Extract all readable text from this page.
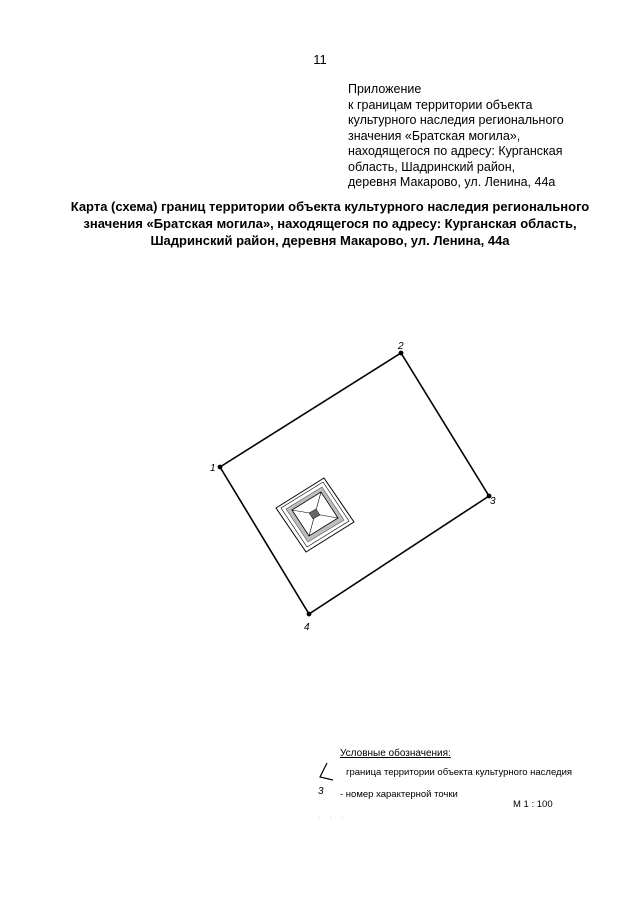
11
Приложение
к границам территории объекта
культурного наследия регионального
значения «Братская могила»,
находящегося по адресу: Курганская
область, Шадринский район,
деревня Макарово, ул. Ленина, 44а
Карта (схема) границ территории объекта культурного наследия регионального
значения «Братская могила», находящегося по адресу: Курганская область,
Шадринский район, деревня Макарово, ул. Ленина, 44а
1
2
3
4
Условные обозначения:
граница территории объекта культурного наследия
3 - номер характерной точки
М 1 : 100
. . .
